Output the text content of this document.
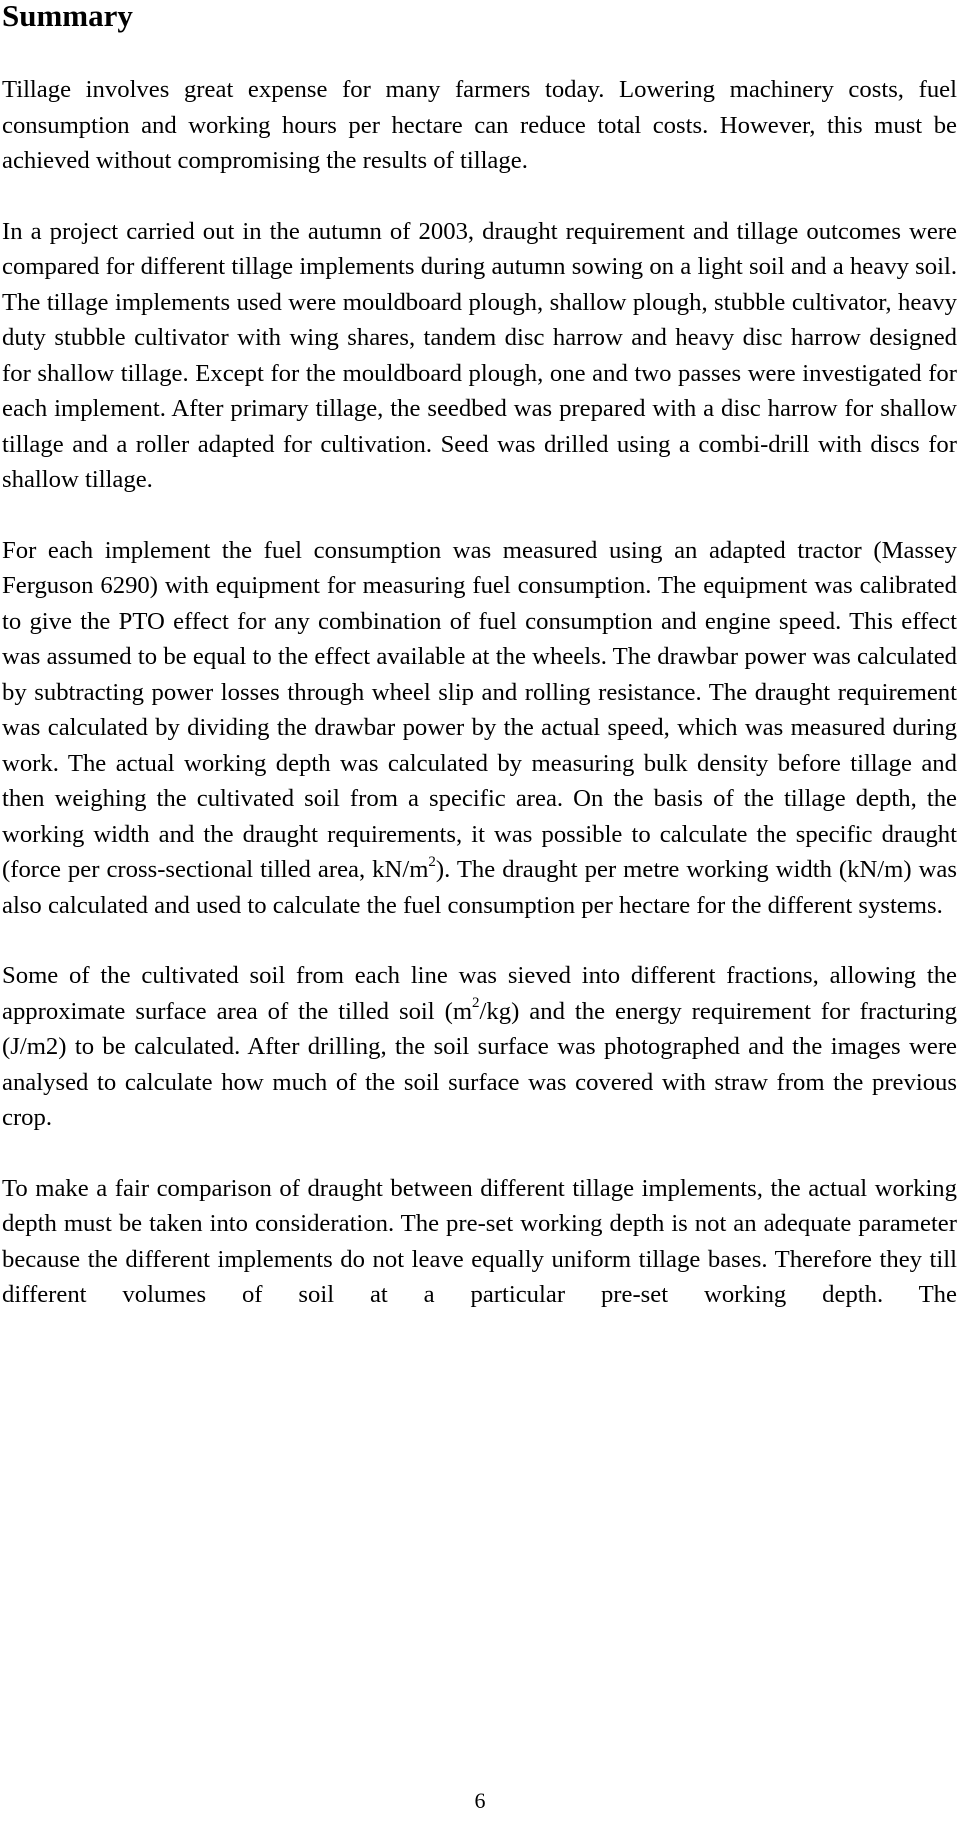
Summary

Tillage involves great expense for many farmers today. Lowering machinery costs, fuel consumption and working hours per hectare can reduce total costs. However, this must be achieved without compromising the results of tillage.

In a project carried out in the autumn of 2003, draught requirement and tillage outcomes were compared for different tillage implements during autumn sowing on a light soil and a heavy soil. The tillage implements used were mouldboard plough, shallow plough, stubble cultivator, heavy duty stubble cultivator with wing shares, tandem disc harrow and heavy disc harrow designed for shallow tillage. Except for the mouldboard plough, one and two passes were investigated for each implement. After primary tillage, the seedbed was prepared with a disc harrow for shallow tillage and a roller adapted for cultivation. Seed was drilled using a combi-drill with discs for shallow tillage.

For each implement the fuel consumption was measured using an adapted tractor (Massey Ferguson 6290) with equipment for measuring fuel consumption. The equipment was calibrated to give the PTO effect for any combination of fuel consumption and engine speed. This effect was assumed to be equal to the effect available at the wheels. The drawbar power was calculated by subtracting power losses through wheel slip and rolling resistance. The draught requirement was calculated by dividing the drawbar power by the actual speed, which was measured during work. The actual working depth was calculated by measuring bulk density before tillage and then weighing the cultivated soil from a specific area. On the basis of the tillage depth, the working width and the draught requirements, it was possible to calculate the specific draught (force per cross-sectional tilled area, $kN/m^2$). The draught per metre working width (kN/m) was also calculated and used to calculate the fuel consumption per hectare for the different systems.

Some of the cultivated soil from each line was sieved into different fractions, allowing the approximate surface area of the tilled soil $(m^2/kg)$ and the energy requirement for fracturing (J/m2) to be calculated. After drilling, the soil surface was photographed and the images were analysed to calculate how much of the soil surface was covered with straw from the previous crop.

To make a fair comparison of draught between different tillage implements, the actual working depth must be taken into consideration. The pre-set working depth is not an adequate parameter because the different implements do not leave equally uniform tillage bases. Therefore they till different volumes of soil at a particular pre-set working depth. The

6
